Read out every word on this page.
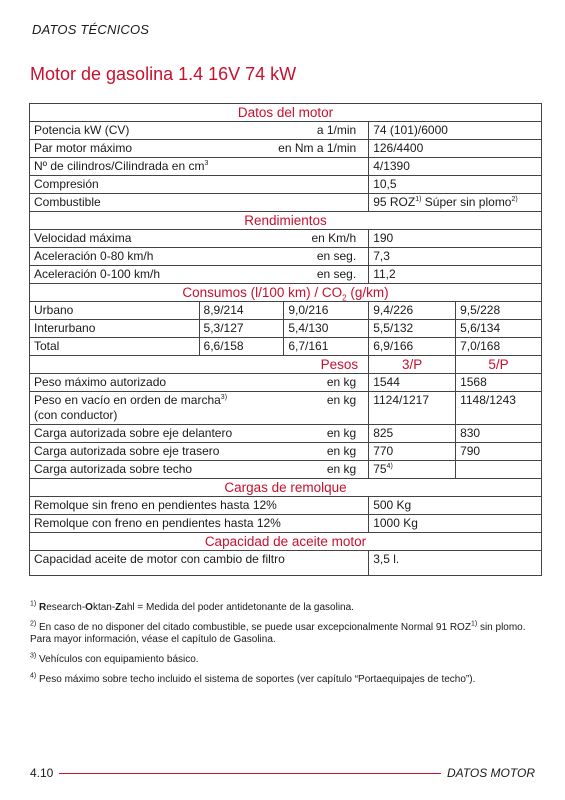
DATOS TÉCNICOS
Motor de gasolina 1.4 16V 74 kW
Datos del motor				

Potencia kW (CV) a 1/min			74 (101)/6000	

Par motor máximo en Nm a 1/min			126/4400	
Nº de cilindros/Cilindrada en $cm^3$			4/1390	
Compresión			10,5	
Combustible			95 ROZ$^{1)}$ Súper sin plomo$^{2)}$
Rendimientos				

Velocidad máxima en Km/h			190	

Aceleración 0-80 km/h en seg.			7,3	

Aceleración 0-100 km/h en seg.			11,2	
Consumos (l/100 $km) / CO_2$ (g/km)				
Urbano	8,9/214	9,0/216	9,4/226	9,5/228
Interurbano	5,3/127	5,4/130	5,5/132	5,6/134
Total	6,6/158	6,7/161	6,9/166	7,0/168
Pesos			3/P	5/P

Peso máximo autorizado en kg			1544	1568

Peso en vacío en orden de marcha$^{3)}$ en kg
(con conductor)			1124/1217	1148/1243

Carga autorizada sobre eje delantero en kg			825	830

Carga autorizada sobre eje trasero en kg			770	790

Carga autorizada sobre techo en kg			75$^{4)}$	
Cargas de remolque				
Remolque sin freno en pendientes hasta 12%			500 Kg	
Remolque con freno en pendientes hasta 12%			1000 Kg	
Capacidad de aceite motor				
Capacidad aceite de motor con cambio de filtro			3,5 l.	

$^{1)}$ Research-Oktan-Zahl = Medida del poder antidetonante de la gasolina.

$^{2)}$ En caso de no disponer del citado combustible, se puede usar excepcionalmente Normal 91 ROZ$^{1)}$ sin plomo. Para mayor información, véase el capítulo de Gasolina.

$^{3)}$ Vehículos con equipamiento básico.

$^{4)}$ Peso máximo sobre techo incluido el sistema de soportes (ver capítulo “Portaequipajes de techo”).

4.10	DATOS MOTOR
